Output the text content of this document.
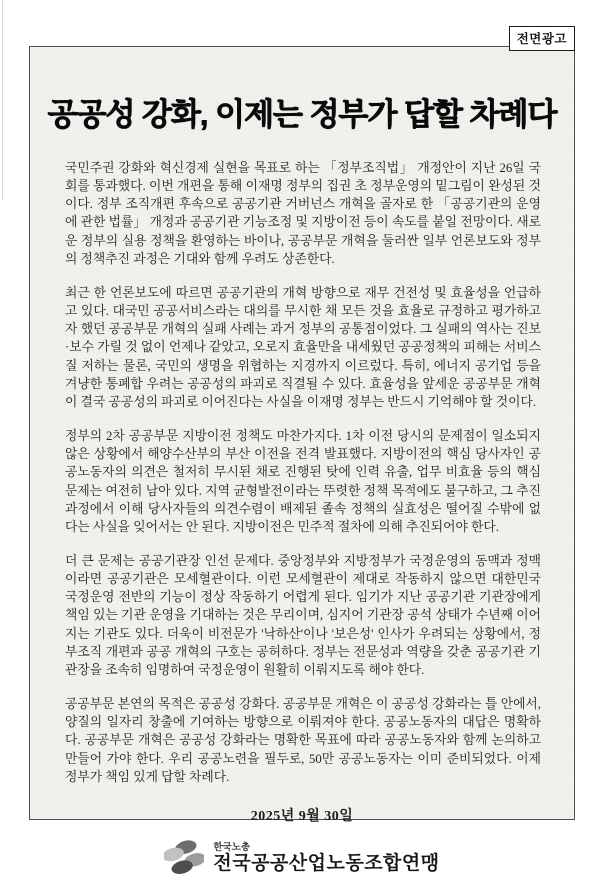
전면광고
공공성 강화, 이제는 정부가 답할 차례다

국민주권 강화와 혁신경제 실현을 목표로 하는 「정부조직법」 개정안이 지난 26일 국회를 통과했다. 이번 개편을 통해 이재명 정부의 집권 초 정부운영의 밑그림이 완성된 것이다. 정부 조직개편 후속으로 공공기관 거버넌스 개혁을 골자로 한 「공공기관의 운영에 관한 법률」 개정과 공공기관 기능조정 및 지방이전 등이 속도를 붙일 전망이다. 새로운 정부의 실용 정책을 환영하는 바이나, 공공부문 개혁을 둘러싼 일부 언론보도와 정부의 정책추진 과정은 기대와 함께 우려도 상존한다.

최근 한 언론보도에 따르면 공공기관의 개혁 방향으로 재무 건전성 및 효율성을 언급하고 있다. 대국민 공공서비스라는 대의를 무시한 채 모든 것을 효율로 규정하고 평가하고자 했던 공공부문 개혁의 실패 사례는 과거 정부의 공통점이었다. 그 실패의 역사는 진보·보수 가릴 것 없이 언제나 같았고, 오로지 효율만을 내세웠던 공공정책의 피해는 서비스 질 저하는 물론, 국민의 생명을 위협하는 지경까지 이르렀다. 특히, 에너지 공기업 등을 겨냥한 통폐합 우려는 공공성의 파괴로 직결될 수 있다. 효율성을 앞세운 공공부문 개혁이 결국 공공성의 파괴로 이어진다는 사실을 이재명 정부는 반드시 기억해야 할 것이다.

정부의 2차 공공부문 지방이전 정책도 마찬가지다. 1차 이전 당시의 문제점이 일소되지 않은 상황에서 해양수산부의 부산 이전을 전격 발표했다. 지방이전의 핵심 당사자인 공공노동자의 의견은 철저히 무시된 채로 진행된 탓에 인력 유출, 업무 비효율 등의 핵심 문제는 여전히 남아 있다. 지역 균형발전이라는 뚜렷한 정책 목적에도 불구하고, 그 추진 과정에서 이해 당사자들의 의견수렴이 배제된 졸속 정책의 실효성은 떨어질 수밖에 없다는 사실을 잊어서는 안 된다. 지방이전은 민주적 절차에 의해 추진되어야 한다.

더 큰 문제는 공공기관장 인선 문제다. 중앙정부와 지방정부가 국정운영의 동맥과 정맥이라면 공공기관은 모세혈관이다. 이런 모세혈관이 제대로 작동하지 않으면 대한민국 국정운영 전반의 기능이 정상 작동하기 어렵게 된다. 임기가 지난 공공기관 기관장에게 책임 있는 기관 운영을 기대하는 것은 무리이며, 심지어 기관장 공석 상태가 수년째 이어지는 기관도 있다. 더욱이 비전문가 '낙하산'이나 '보은성' 인사가 우려되는 상황에서, 정부조직 개편과 공공 개혁의 구호는 공허하다. 정부는 전문성과 역량을 갖춘 공공기관 기관장을 조속히 임명하여 국정운영이 원활히 이뤄지도록 해야 한다.

공공부문 본연의 목적은 공공성 강화다. 공공부문 개혁은 이 공공성 강화라는 틀 안에서, 양질의 일자리 창출에 기여하는 방향으로 이뤄져야 한다. 공공노동자의 대답은 명확하다. 공공부문 개혁은 공공성 강화라는 명확한 목표에 따라 공공노동자와 함께 논의하고 만들어 가야 한다. 우리 공공노련을 필두로, 50만 공공노동자는 이미 준비되었다. 이제 정부가 책임 있게 답할 차례다.

2025년 9월 30일
한국노총
전국공공산업노동조합연맹
